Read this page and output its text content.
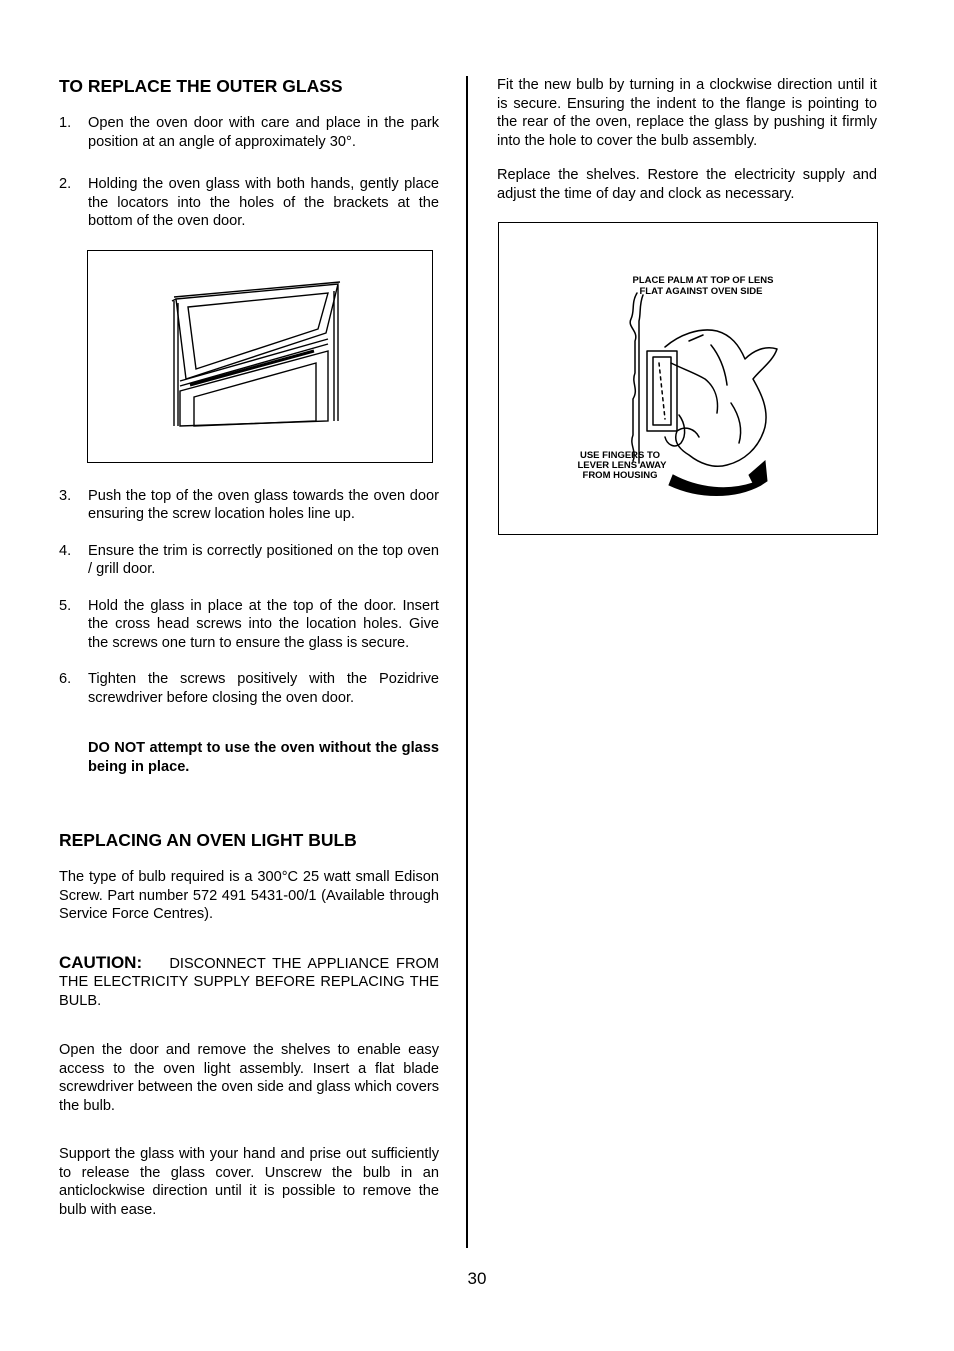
TO REPLACE THE OUTER GLASS
1. Open the oven door with care and place in the park position at an angle of approximately 30°.
2. Holding the oven glass with both hands, gently place the locators into the holes of the brackets at the bottom of the oven door.
3. Push the top of the oven glass towards the oven door ensuring the screw location holes line up.
4. Ensure the trim is correctly positioned on the top oven / grill door.
5. Hold the glass in place at the top of the door. Insert the cross head screws into the location holes. Give the screws one turn to ensure the glass is secure.
6. Tighten the screws positively with the Pozidrive screwdriver before closing the oven door.

DO NOT attempt to use the oven without the glass being in place.

REPLACING AN OVEN LIGHT BULB

The type of bulb required is a 300°C 25 watt small Edison Screw. Part number 572 491 5431-00/1 (Available through Service Force Centres).

CAUTION: DISCONNECT THE APPLIANCE FROM THE ELECTRICITY SUPPLY BEFORE REPLACING THE BULB.

Open the door and remove the shelves to enable easy access to the oven light assembly. Insert a flat blade screwdriver between the oven side and glass which covers the bulb.

Support the glass with your hand and prise out sufficiently to release the glass cover. Unscrew the bulb in an anticlockwise direction until it is possible to remove the bulb with ease.

Fit the new bulb by turning in a clockwise direction until it is secure. Ensuring the indent to the flange is pointing to the rear of the oven, replace the glass by pushing it firmly into the hole to cover the bulb assembly.

Replace the shelves. Restore the electricity supply and adjust the time of day and clock as necessary.

PLACE PALM AT TOP OF LENS
FLAT AGAINST OVEN SIDE
USE FINGERS TO
LEVER LENS AWAY
FROM HOUSING
30
